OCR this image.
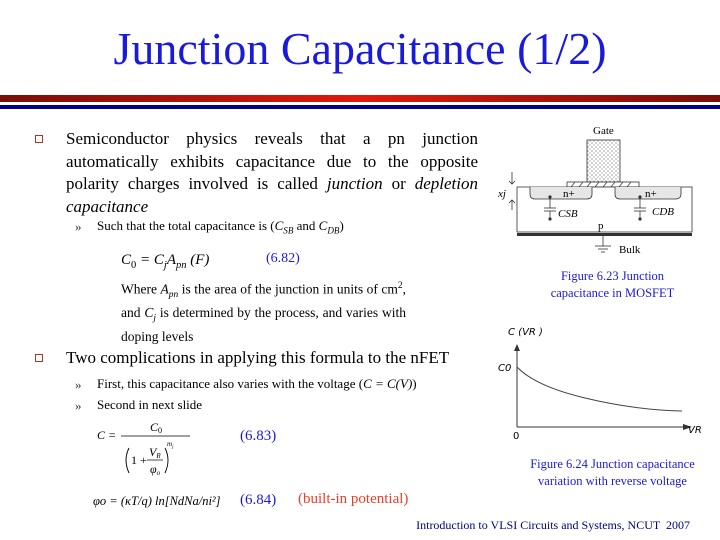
Junction Capacitance (1/2)
Semiconductor physics reveals that a pn junction automatically exhibits capacitance due to the opposite polarity charges involved is called junction or depletion capacitance
» Such that the total capacitance is ($C_{SB}$ and $C_{DB}$)
$C_0 = C_jA_{pn}$ (F)	(6.82)
Where $A_{pn}$ is the area of the junction in units of $cm^2$, and $C_j$ is determined by the process, and varies with doping levels
Two complications in applying this formula to the nFET
» First, this capacitance also varies with the voltage (C = C(V))
» Second in next slide
C =
C0
1 +
VR
φo
$m_j$
(6.83)
φo = (κT/q) ln[NdNa/ni²] (6.84) (built-in potential)
Gate
n+	n+
CSB	CDB
p
Bulk
xj
Figure 6.23 Junction
capacitance in MOSFET
C (VR )
C0
0
VR
Figure 6.24 Junction capacitance
variation with reverse voltage
Introduction to VLSI Circuits and Systems, NCUT  2007
